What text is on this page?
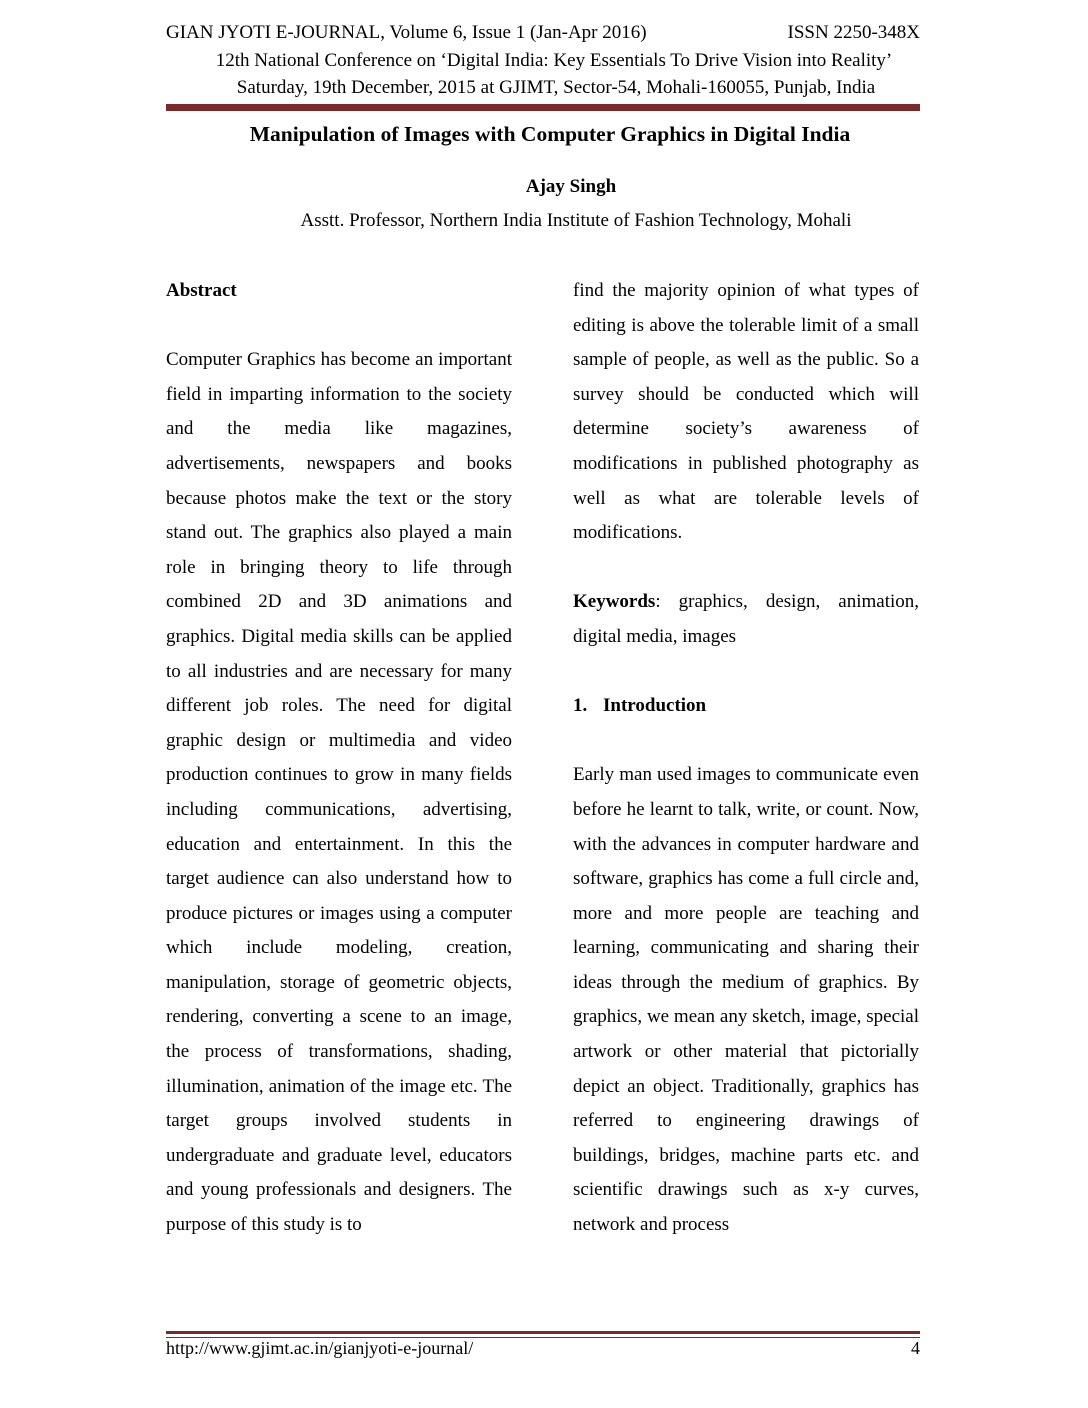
GIAN JYOTI E-JOURNAL, Volume 6, Issue 1 (Jan-Apr 2016)	ISSN 2250-348X
12th National Conference on ‘Digital India: Key Essentials To Drive Vision into Reality’
Saturday, 19th December, 2015 at GJIMT, Sector-54, Mohali-160055, Punjab, India
Manipulation of Images with Computer Graphics in Digital India
Ajay Singh
Asstt. Professor, Northern India Institute of Fashion Technology, Mohali

Abstract

Computer Graphics has become an important field in imparting information to the society and the media like magazines, advertisements, newspapers and books because photos make the text or the story stand out. The graphics also played a main role in bringing theory to life through combined 2D and 3D animations and graphics. Digital media skills can be applied to all industries and are necessary for many different job roles. The need for digital graphic design or multimedia and video production continues to grow in many fields including communications, advertising, education and entertainment. In this the target audience can also understand how to produce pictures or images using a computer which include modeling, creation, manipulation, storage of geometric objects, rendering, converting a scene to an image, the process of transformations, shading, illumination, animation of the image etc. The target groups involved students in undergraduate and graduate level, educators and young professionals and designers. The purpose of this study is to

find the majority opinion of what types of editing is above the tolerable limit of a small sample of people, as well as the public. So a survey should be conducted which will determine society’s awareness of modifications in published photography as well as what are tolerable levels of modifications.

Keywords: graphics, design, animation, digital media, images

1. Introduction

Early man used images to communicate even before he learnt to talk, write, or count. Now, with the advances in computer hardware and software, graphics has come a full circle and, more and more people are teaching and learning, communicating and sharing their ideas through the medium of graphics. By graphics, we mean any sketch, image, special artwork or other material that pictorially depict an object. Traditionally, graphics has referred to engineering drawings of buildings, bridges, machine parts etc. and scientific drawings such as x-y curves, network and process

http://www.gjimt.ac.in/gianjyoti-e-journal/	4
